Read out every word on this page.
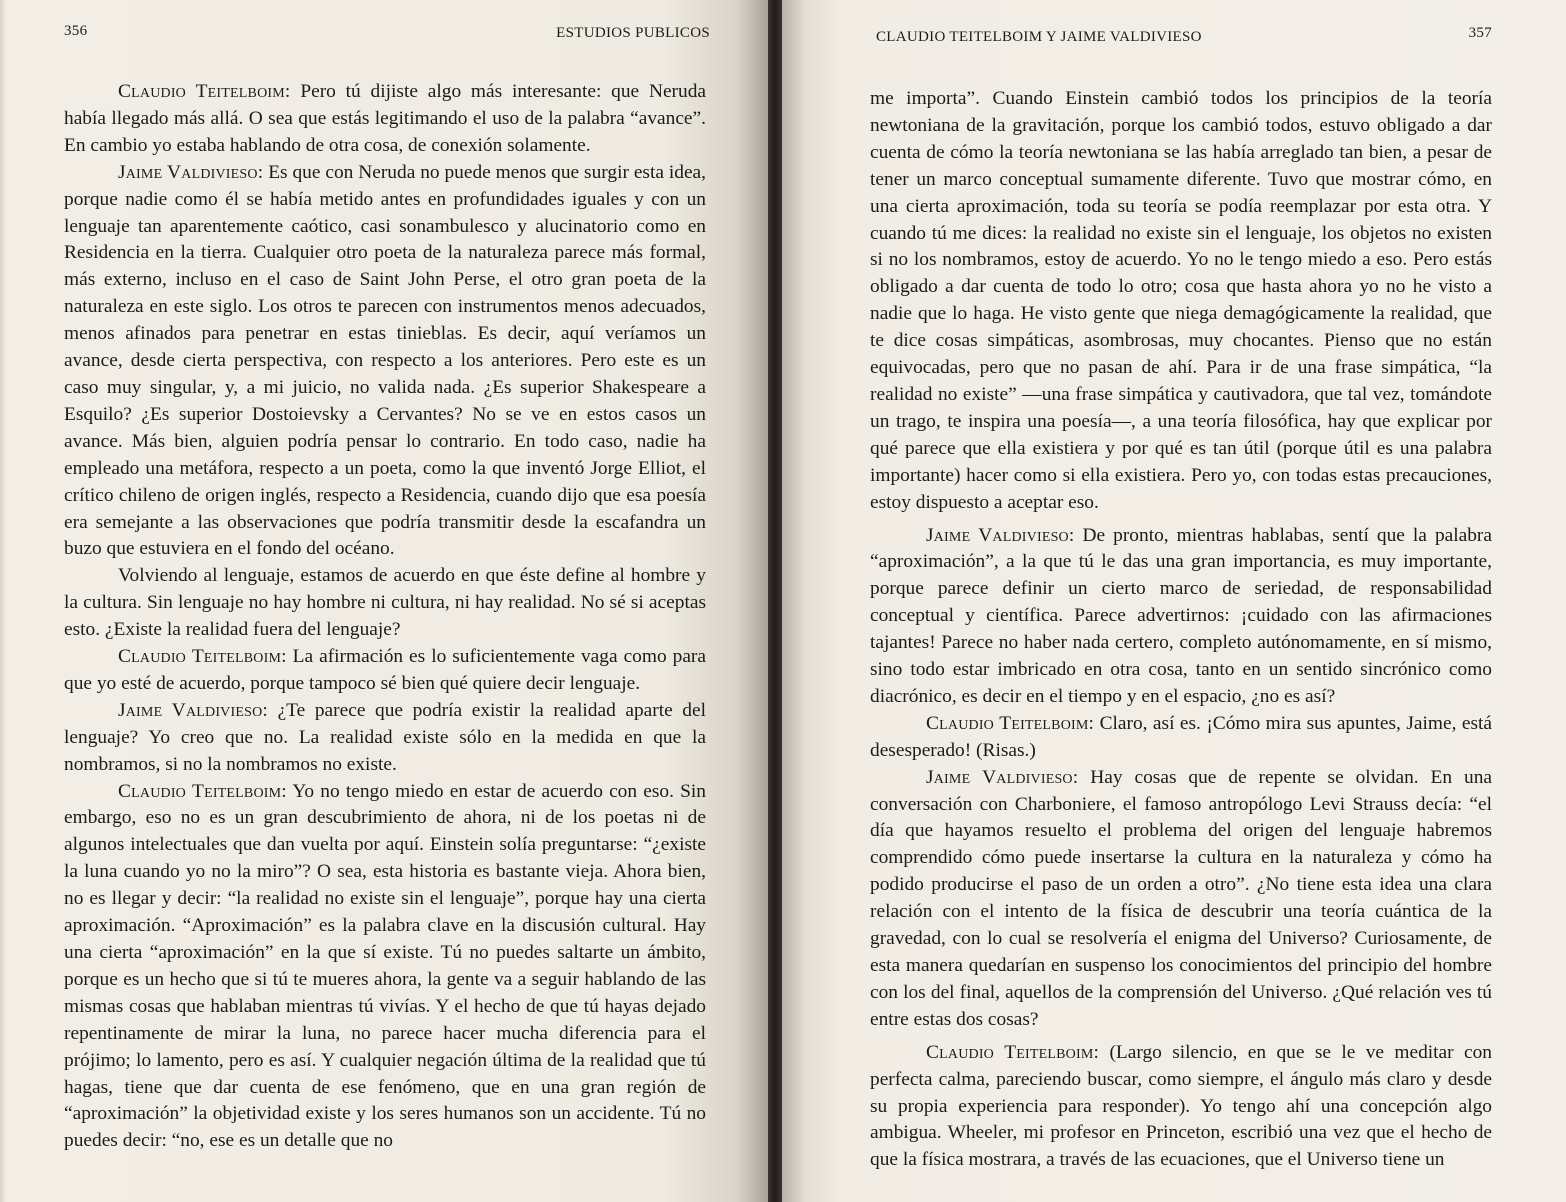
356	ESTUDIOS PUBLICOS

Claudio Teitelboim: Pero tú dijiste algo más interesante: que Neruda había llegado más allá. O sea que estás legitimando el uso de la palabra “avance”. En cambio yo estaba hablando de otra cosa, de conexión solamente.

Jaime Valdivieso: Es que con Neruda no puede menos que surgir esta idea, porque nadie como él se había metido antes en profundidades iguales y con un lenguaje tan aparentemente caótico, casi sonambulesco y alucinatorio como en Residencia en la tierra. Cualquier otro poeta de la naturaleza parece más formal, más externo, incluso en el caso de Saint John Perse, el otro gran poeta de la naturaleza en este siglo. Los otros te parecen con instrumentos menos adecuados, menos afinados para penetrar en estas tinieblas. Es decir, aquí veríamos un avance, desde cierta perspectiva, con respecto a los anteriores. Pero este es un caso muy singular, y, a mi juicio, no valida nada. ¿Es superior Shakespeare a Esquilo? ¿Es superior Dostoievsky a Cervantes? No se ve en estos casos un avance. Más bien, alguien podría pensar lo contrario. En todo caso, nadie ha empleado una metáfora, respecto a un poeta, como la que inventó Jorge Elliot, el crítico chileno de origen inglés, respecto a Residencia, cuando dijo que esa poesía era semejante a las observaciones que podría transmitir desde la escafandra un buzo que estuviera en el fondo del océano.

Volviendo al lenguaje, estamos de acuerdo en que éste define al hombre y la cultura. Sin lenguaje no hay hombre ni cultura, ni hay realidad. No sé si aceptas esto. ¿Existe la realidad fuera del lenguaje?

Claudio Teitelboim: La afirmación es lo suficientemente vaga como para que yo esté de acuerdo, porque tampoco sé bien qué quiere decir lenguaje.

Jaime Valdivieso: ¿Te parece que podría existir la realidad aparte del lenguaje? Yo creo que no. La realidad existe sólo en la medida en que la nombramos, si no la nombramos no existe.

Claudio Teitelboim: Yo no tengo miedo en estar de acuerdo con eso. Sin embargo, eso no es un gran descubrimiento de ahora, ni de los poetas ni de algunos intelectuales que dan vuelta por aquí. Einstein solía preguntarse: “¿existe la luna cuando yo no la miro”? O sea, esta historia es bastante vieja. Ahora bien, no es llegar y decir: “la realidad no existe sin el lenguaje”, porque hay una cierta aproximación. “Aproximación” es la palabra clave en la discusión cultural. Hay una cierta “aproximación” en la que sí existe. Tú no puedes saltarte un ámbito, porque es un hecho que si tú te mueres ahora, la gente va a seguir hablando de las mismas cosas que hablaban mientras tú vivías. Y el hecho de que tú hayas dejado repentinamente de mirar la luna, no parece hacer mucha diferencia para el prójimo; lo lamento, pero es así. Y cualquier negación última de la realidad que tú hagas, tiene que dar cuenta de ese fenómeno, que en una gran región de “aproximación” la objetividad existe y los seres humanos son un accidente. Tú no puedes decir: “no, ese es un detalle que no

CLAUDIO TEITELBOIM Y JAIME VALDIVIESO	357

me importa”. Cuando Einstein cambió todos los principios de la teoría newtoniana de la gravitación, porque los cambió todos, estuvo obligado a dar cuenta de cómo la teoría newtoniana se las había arreglado tan bien, a pesar de tener un marco conceptual sumamente diferente. Tuvo que mostrar cómo, en una cierta aproximación, toda su teoría se podía reemplazar por esta otra. Y cuando tú me dices: la realidad no existe sin el lenguaje, los objetos no existen si no los nombramos, estoy de acuerdo. Yo no le tengo miedo a eso. Pero estás obligado a dar cuenta de todo lo otro; cosa que hasta ahora yo no he visto a nadie que lo haga. He visto gente que niega demagógicamente la realidad, que te dice cosas simpáticas, asombrosas, muy chocantes. Pienso que no están equivocadas, pero que no pasan de ahí. Para ir de una frase simpática, “la realidad no existe” —una frase simpática y cautivadora, que tal vez, tomándote un trago, te inspira una poesía—, a una teoría filosófica, hay que explicar por qué parece que ella existiera y por qué es tan útil (porque útil es una palabra importante) hacer como si ella existiera. Pero yo, con todas estas precauciones, estoy dispuesto a aceptar eso.

Jaime Valdivieso: De pronto, mientras hablabas, sentí que la palabra “aproximación”, a la que tú le das una gran importancia, es muy importante, porque parece definir un cierto marco de seriedad, de responsabilidad conceptual y científica. Parece advertirnos: ¡cuidado con las afirmaciones tajantes! Parece no haber nada certero, completo autónomamente, en sí mismo, sino todo estar imbricado en otra cosa, tanto en un sentido sincrónico como diacrónico, es decir en el tiempo y en el espacio, ¿no es así?

Claudio Teitelboim: Claro, así es. ¡Cómo mira sus apuntes, Jaime, está desesperado! (Risas.)

Jaime Valdivieso: Hay cosas que de repente se olvidan. En una conversación con Charboniere, el famoso antropólogo Levi Strauss decía: “el día que hayamos resuelto el problema del origen del lenguaje habremos comprendido cómo puede insertarse la cultura en la naturaleza y cómo ha podido producirse el paso de un orden a otro”. ¿No tiene esta idea una clara relación con el intento de la física de descubrir una teoría cuántica de la gravedad, con lo cual se resolvería el enigma del Universo? Curiosamente, de esta manera quedarían en suspenso los conocimientos del principio del hombre con los del final, aquellos de la comprensión del Universo. ¿Qué relación ves tú entre estas dos cosas?

Claudio Teitelboim: (Largo silencio, en que se le ve meditar con perfecta calma, pareciendo buscar, como siempre, el ángulo más claro y desde su propia experiencia para responder). Yo tengo ahí una concepción algo ambigua. Wheeler, mi profesor en Princeton, escribió una vez que el hecho de que la física mostrara, a través de las ecuaciones, que el Universo tiene un
